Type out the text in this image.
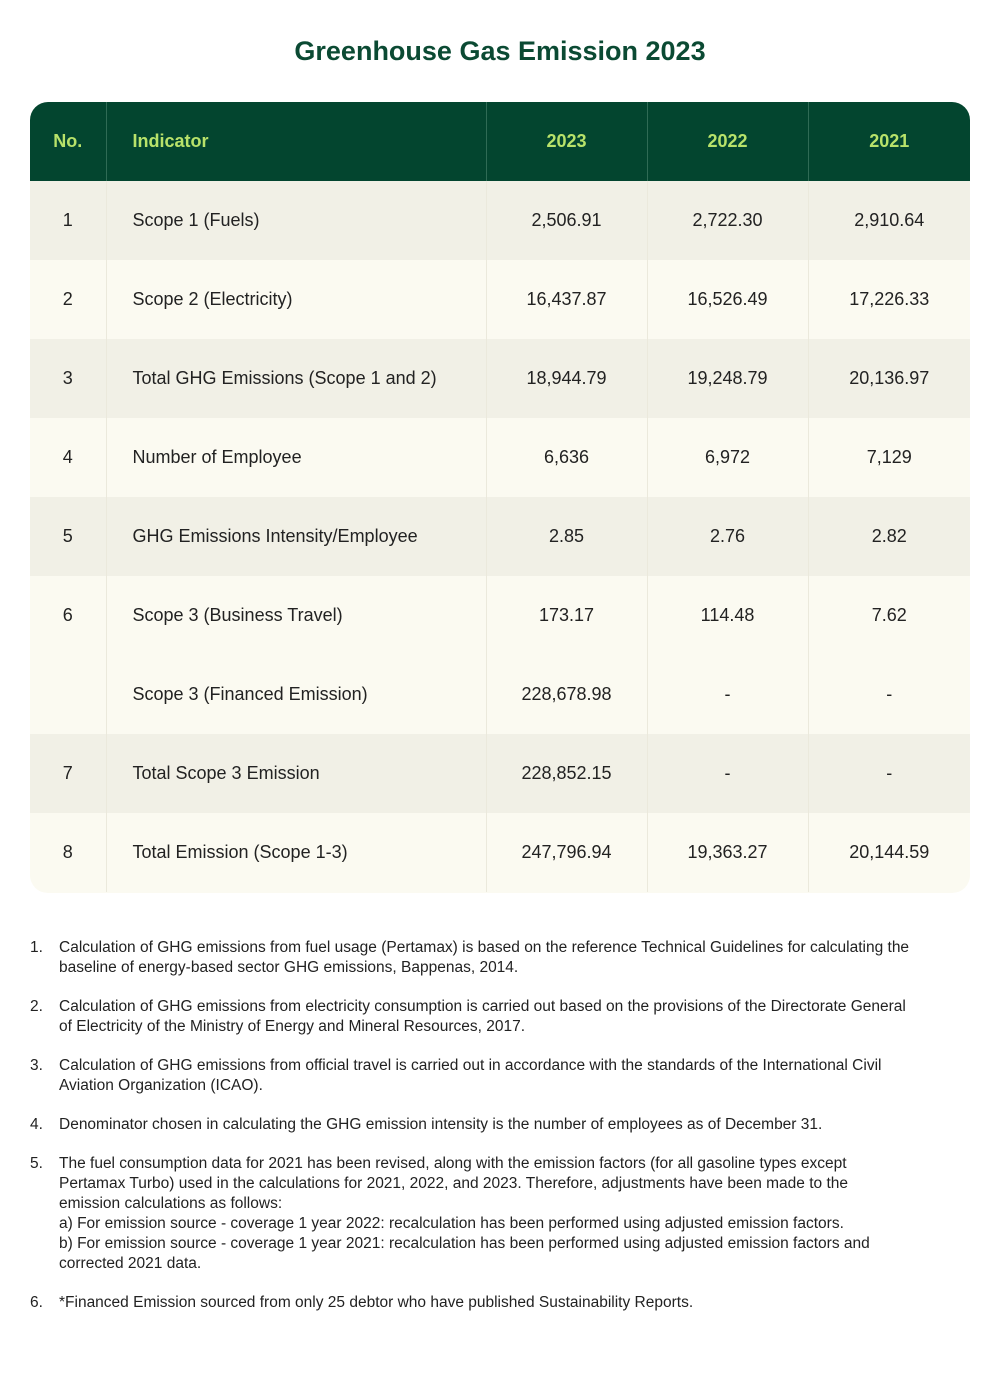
Greenhouse Gas Emission 2023
No.	Indicator	2023	2022	2021
1	Scope 1 (Fuels)	2,506.91	2,722.30	2,910.64
2	Scope 2 (Electricity)	16,437.87	16,526.49	17,226.33
3	Total GHG Emissions (Scope 1 and 2)	18,944.79	19,248.79	20,136.97
4	Number of Employee	6,636	6,972	7,129
5	GHG Emissions Intensity/Employee	2.85	2.76	2.82
6	Scope 3 (Business Travel)	173.17	114.48	7.62
	Scope 3 (Financed Emission)	228,678.98	-	-
7	Total Scope 3 Emission	228,852.15	-	-
8	Total Emission (Scope 1-3)	247,796.94	19,363.27	20,144.59
1. Calculation of GHG emissions from fuel usage (Pertamax) is based on the reference Technical Guidelines for calculating the
baseline of energy-based sector GHG emissions, Bappenas, 2014.
2. Calculation of GHG emissions from electricity consumption is carried out based on the provisions of the Directorate General
of Electricity of the Ministry of Energy and Mineral Resources, 2017.
3. Calculation of GHG emissions from official travel is carried out in accordance with the standards of the International Civil
Aviation Organization (ICAO).
4. Denominator chosen in calculating the GHG emission intensity is the number of employees as of December 31.
5. The fuel consumption data for 2021 has been revised, along with the emission factors (for all gasoline types except
Pertamax Turbo) used in the calculations for 2021, 2022, and 2023. Therefore, adjustments have been made to the
emission calculations as follows:
a) For emission source - coverage 1 year 2022: recalculation has been performed using adjusted emission factors.
b) For emission source - coverage 1 year 2021: recalculation has been performed using adjusted emission factors and
corrected 2021 data.
6. *Financed Emission sourced from only 25 debtor who have published Sustainability Reports.
